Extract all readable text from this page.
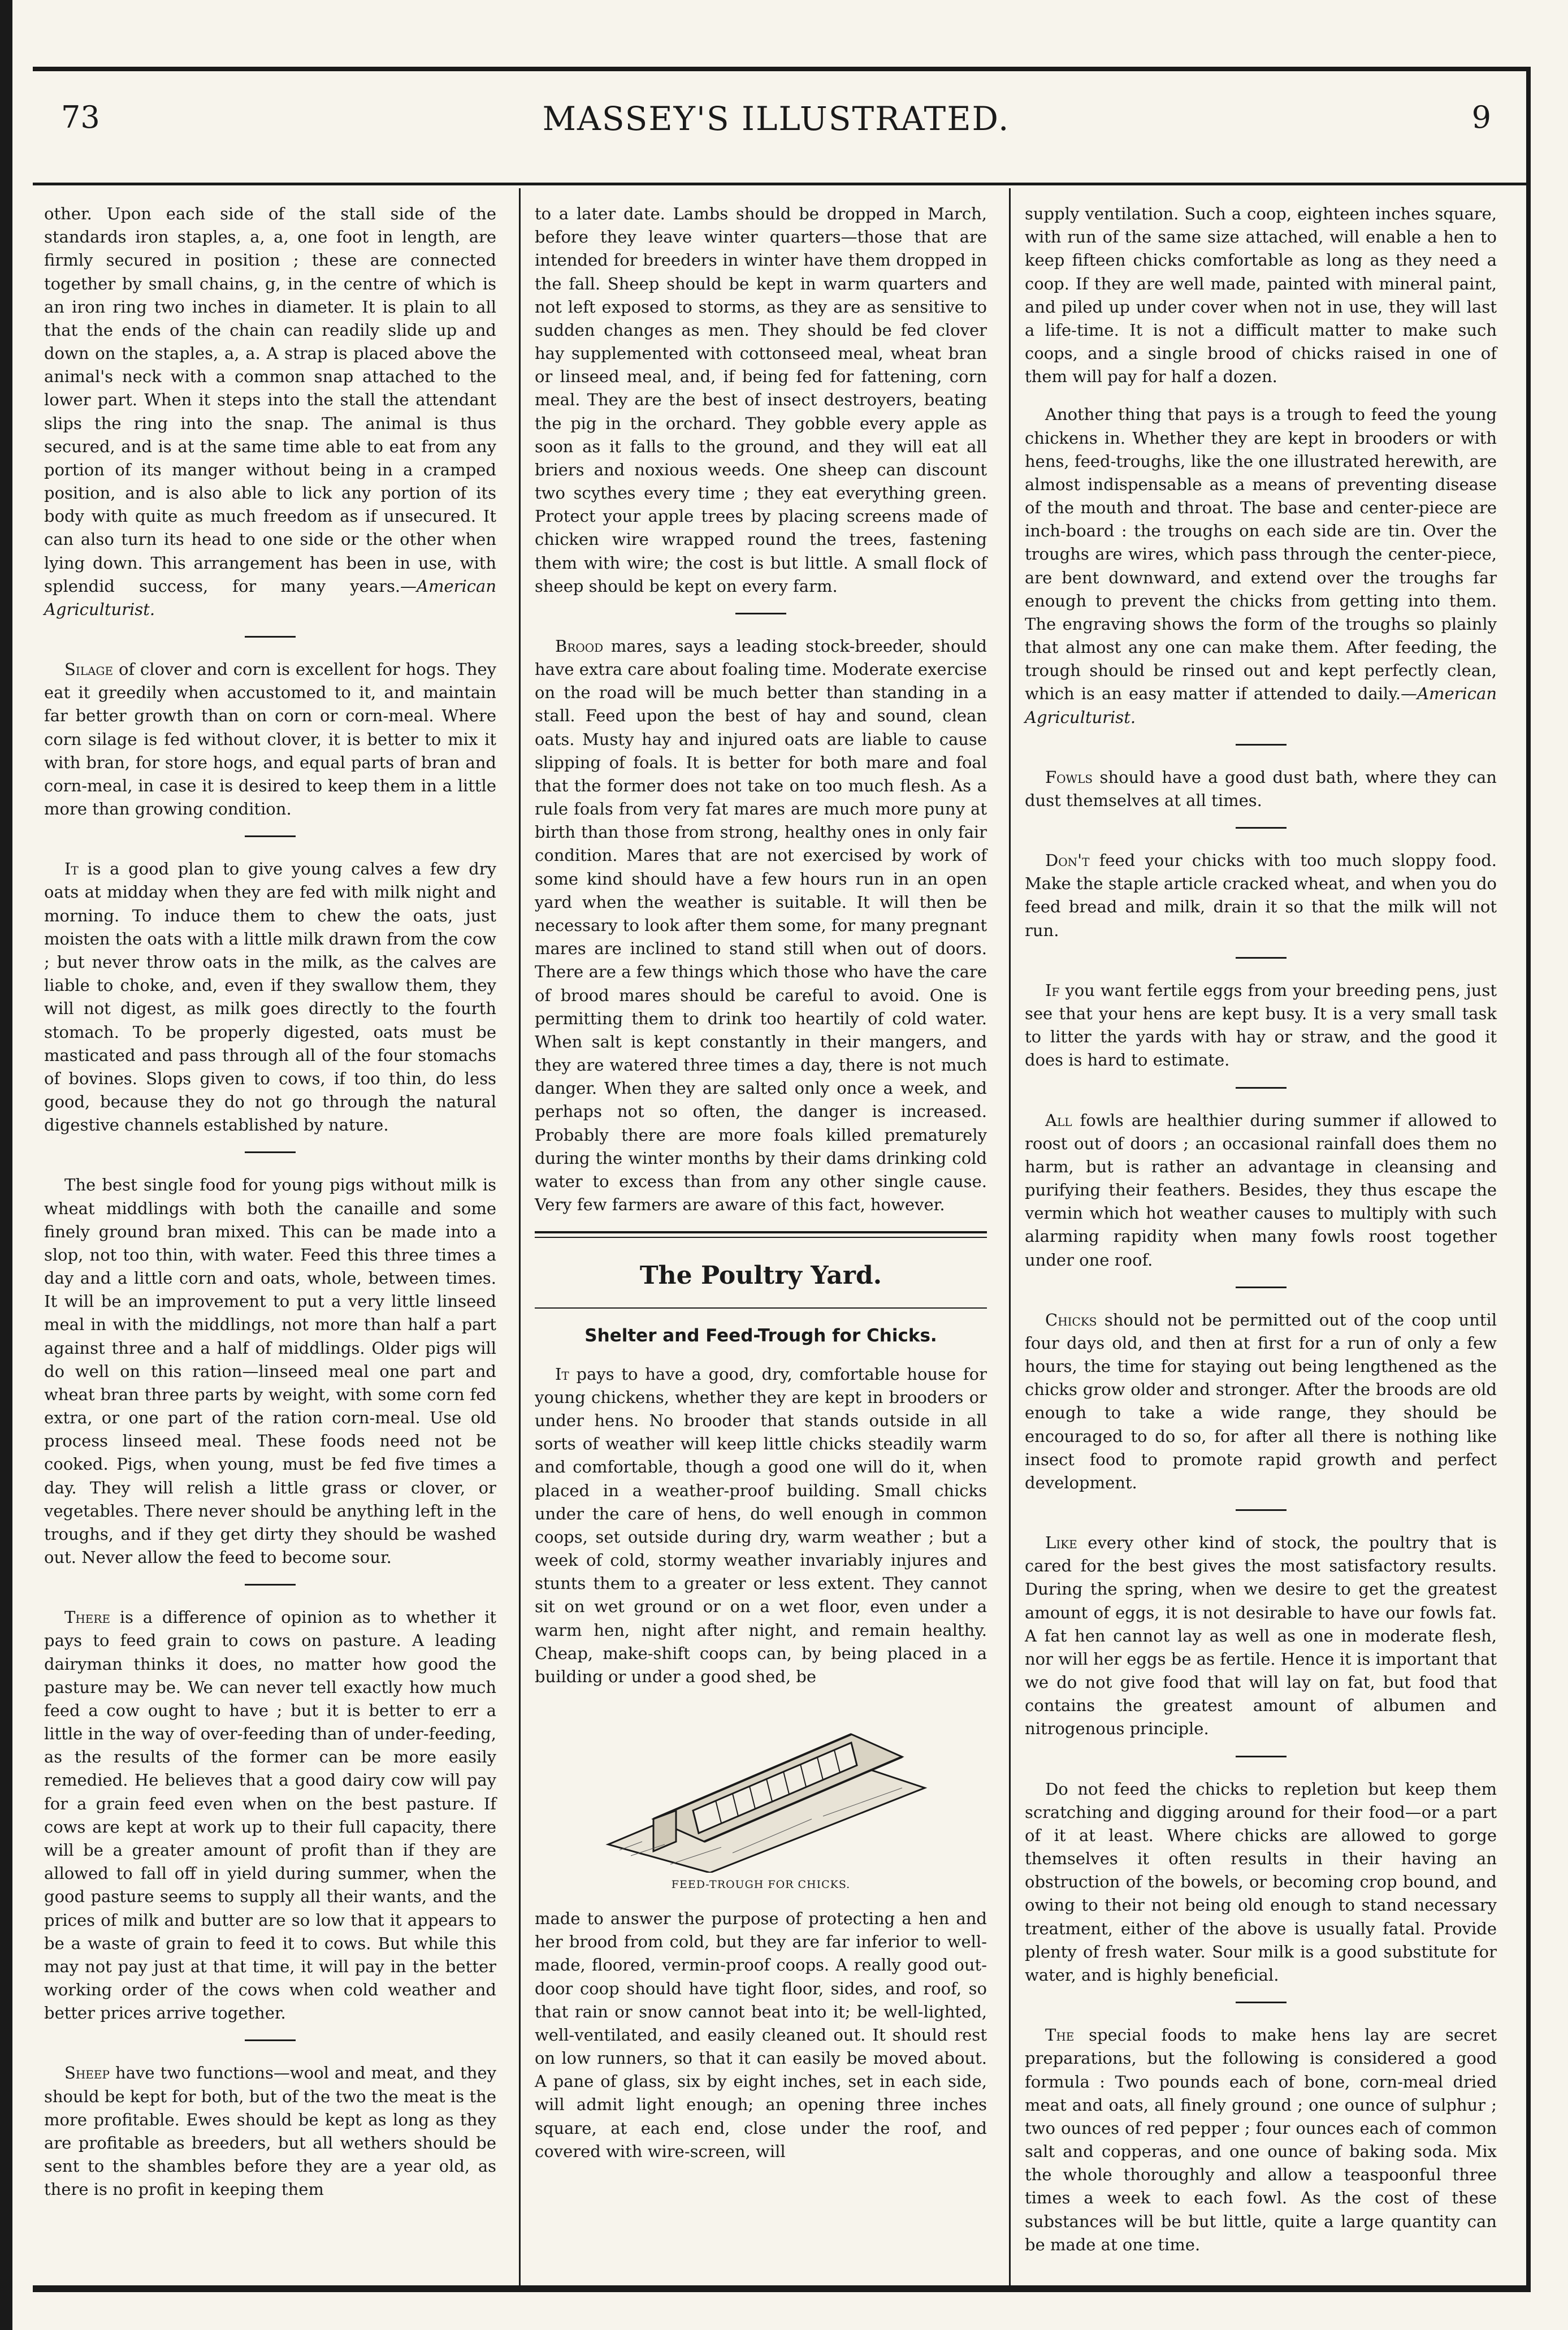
73	MASSEY'S ILLUSTRATED.	9

other. Upon each side of the stall side of the standards iron staples, a, a, one foot in length, are firmly secured in position ; these are connected together by small chains, g, in the centre of which is an iron ring two inches in diameter. It is plain to all that the ends of the chain can readily slide up and down on the staples, a, a. A strap is placed above the animal's neck with a common snap attached to the lower part. When it steps into the stall the attendant slips the ring into the snap. The animal is thus secured, and is at the same time able to eat from any portion of its manger without being in a cramped position, and is also able to lick any portion of its body with quite as much freedom as if unsecured. It can also turn its head to one side or the other when lying down. This arrangement has been in use, with splendid success, for many years.—American Agriculturist.

Silage of clover and corn is excellent for hogs. They eat it greedily when accustomed to it, and maintain far better growth than on corn or corn-meal. Where corn silage is fed without clover, it is better to mix it with bran, for store hogs, and equal parts of bran and corn-meal, in case it is desired to keep them in a little more than growing condition.

It is a good plan to give young calves a few dry oats at midday when they are fed with milk night and morning. To induce them to chew the oats, just moisten the oats with a little milk drawn from the cow ; but never throw oats in the milk, as the calves are liable to choke, and, even if they swallow them, they will not digest, as milk goes directly to the fourth stomach. To be properly digested, oats must be masticated and pass through all of the four stomachs of bovines. Slops given to cows, if too thin, do less good, because they do not go through the natural digestive channels established by nature.

The best single food for young pigs without milk is wheat middlings with both the canaille and some finely ground bran mixed. This can be made into a slop, not too thin, with water. Feed this three times a day and a little corn and oats, whole, between times. It will be an improvement to put a very little linseed meal in with the middlings, not more than half a part against three and a half of middlings. Older pigs will do well on this ration—linseed meal one part and wheat bran three parts by weight, with some corn fed extra, or one part of the ration corn-meal. Use old process linseed meal. These foods need not be cooked. Pigs, when young, must be fed five times a day. They will relish a little grass or clover, or vegetables. There never should be anything left in the troughs, and if they get dirty they should be washed out. Never allow the feed to become sour.

There is a difference of opinion as to whether it pays to feed grain to cows on pasture. A leading dairyman thinks it does, no matter how good the pasture may be. We can never tell exactly how much feed a cow ought to have ; but it is better to err a little in the way of over-feeding than of under-feeding, as the results of the former can be more easily remedied. He believes that a good dairy cow will pay for a grain feed even when on the best pasture. If cows are kept at work up to their full capacity, there will be a greater amount of profit than if they are allowed to fall off in yield during summer, when the good pasture seems to supply all their wants, and the prices of milk and butter are so low that it appears to be a waste of grain to feed it to cows. But while this may not pay just at that time, it will pay in the better working order of the cows when cold weather and better prices arrive together.

Sheep have two functions—wool and meat, and they should be kept for both, but of the two the meat is the more profitable. Ewes should be kept as long as they are profitable as breeders, but all wethers should be sent to the shambles before they are a year old, as there is no profit in keeping them

to a later date. Lambs should be dropped in March, before they leave winter quarters—those that are intended for breeders in winter have them dropped in the fall. Sheep should be kept in warm quarters and not left exposed to storms, as they are as sensitive to sudden changes as men. They should be fed clover hay supplemented with cottonseed meal, wheat bran or linseed meal, and, if being fed for fattening, corn meal. They are the best of insect destroyers, beating the pig in the orchard. They gobble every apple as soon as it falls to the ground, and they will eat all briers and noxious weeds. One sheep can discount two scythes every time ; they eat everything green. Protect your apple trees by placing screens made of chicken wire wrapped round the trees, fastening them with wire; the cost is but little. A small flock of sheep should be kept on every farm.

Brood mares, says a leading stock-breeder, should have extra care about foaling time. Moderate exercise on the road will be much better than standing in a stall. Feed upon the best of hay and sound, clean oats. Musty hay and injured oats are liable to cause slipping of foals. It is better for both mare and foal that the former does not take on too much flesh. As a rule foals from very fat mares are much more puny at birth than those from strong, healthy ones in only fair condition. Mares that are not exercised by work of some kind should have a few hours run in an open yard when the weather is suitable. It will then be necessary to look after them some, for many pregnant mares are inclined to stand still when out of doors. There are a few things which those who have the care of brood mares should be careful to avoid. One is permitting them to drink too heartily of cold water. When salt is kept constantly in their mangers, and they are watered three times a day, there is not much danger. When they are salted only once a week, and perhaps not so often, the danger is increased. Probably there are more foals killed prematurely during the winter months by their dams drinking cold water to excess than from any other single cause. Very few farmers are aware of this fact, however.

The Poultry Yard.
Shelter and Feed-Trough for Chicks.

It pays to have a good, dry, comfortable house for young chickens, whether they are kept in brooders or under hens. No brooder that stands outside in all sorts of weather will keep little chicks steadily warm and comfortable, though a good one will do it, when placed in a weather-proof building. Small chicks under the care of hens, do well enough in common coops, set outside during dry, warm weather ; but a week of cold, stormy weather invariably injures and stunts them to a greater or less extent. They cannot sit on wet ground or on a wet floor, even under a warm hen, night after night, and remain healthy. Cheap, make-shift coops can, by being placed in a building or under a good shed, be

FEED-TROUGH FOR CHICKS.

made to answer the purpose of protecting a hen and her brood from cold, but they are far inferior to well-made, floored, vermin-proof coops. A really good out-door coop should have tight floor, sides, and roof, so that rain or snow cannot beat into it; be well-lighted, well-ventilated, and easily cleaned out. It should rest on low runners, so that it can easily be moved about. A pane of glass, six by eight inches, set in each side, will admit light enough; an opening three inches square, at each end, close under the roof, and covered with wire-screen, will

supply ventilation. Such a coop, eighteen inches square, with run of the same size attached, will enable a hen to keep fifteen chicks comfortable as long as they need a coop. If they are well made, painted with mineral paint, and piled up under cover when not in use, they will last a life-time. It is not a difficult matter to make such coops, and a single brood of chicks raised in one of them will pay for half a dozen.

Another thing that pays is a trough to feed the young chickens in. Whether they are kept in brooders or with hens, feed-troughs, like the one illustrated herewith, are almost indispensable as a means of preventing disease of the mouth and throat. The base and center-piece are inch-board : the troughs on each side are tin. Over the troughs are wires, which pass through the center-piece, are bent downward, and extend over the troughs far enough to prevent the chicks from getting into them. The engraving shows the form of the troughs so plainly that almost any one can make them. After feeding, the trough should be rinsed out and kept perfectly clean, which is an easy matter if attended to daily.—American Agriculturist.

Fowls should have a good dust bath, where they can dust themselves at all times.

Don't feed your chicks with too much sloppy food. Make the staple article cracked wheat, and when you do feed bread and milk, drain it so that the milk will not run.

If you want fertile eggs from your breeding pens, just see that your hens are kept busy. It is a very small task to litter the yards with hay or straw, and the good it does is hard to estimate.

All fowls are healthier during summer if allowed to roost out of doors ; an occasional rainfall does them no harm, but is rather an advantage in cleansing and purifying their feathers. Besides, they thus escape the vermin which hot weather causes to multiply with such alarming rapidity when many fowls roost together under one roof.

Chicks should not be permitted out of the coop until four days old, and then at first for a run of only a few hours, the time for staying out being lengthened as the chicks grow older and stronger. After the broods are old enough to take a wide range, they should be encouraged to do so, for after all there is nothing like insect food to promote rapid growth and perfect development.

Like every other kind of stock, the poultry that is cared for the best gives the most satisfactory results. During the spring, when we desire to get the greatest amount of eggs, it is not desirable to have our fowls fat. A fat hen cannot lay as well as one in moderate flesh, nor will her eggs be as fertile. Hence it is important that we do not give food that will lay on fat, but food that contains the greatest amount of albumen and nitrogenous principle.

Do not feed the chicks to repletion but keep them scratching and digging around for their food—or a part of it at least. Where chicks are allowed to gorge themselves it often results in their having an obstruction of the bowels, or becoming crop bound, and owing to their not being old enough to stand necessary treatment, either of the above is usually fatal. Provide plenty of fresh water. Sour milk is a good substitute for water, and is highly beneficial.

The special foods to make hens lay are secret preparations, but the following is considered a good formula : Two pounds each of bone, corn-meal dried meat and oats, all finely ground ; one ounce of sulphur ; two ounces of red pepper ; four ounces each of common salt and copperas, and one ounce of baking soda. Mix the whole thoroughly and allow a teaspoonful three times a week to each fowl. As the cost of these substances will be but little, quite a large quantity can be made at one time.
